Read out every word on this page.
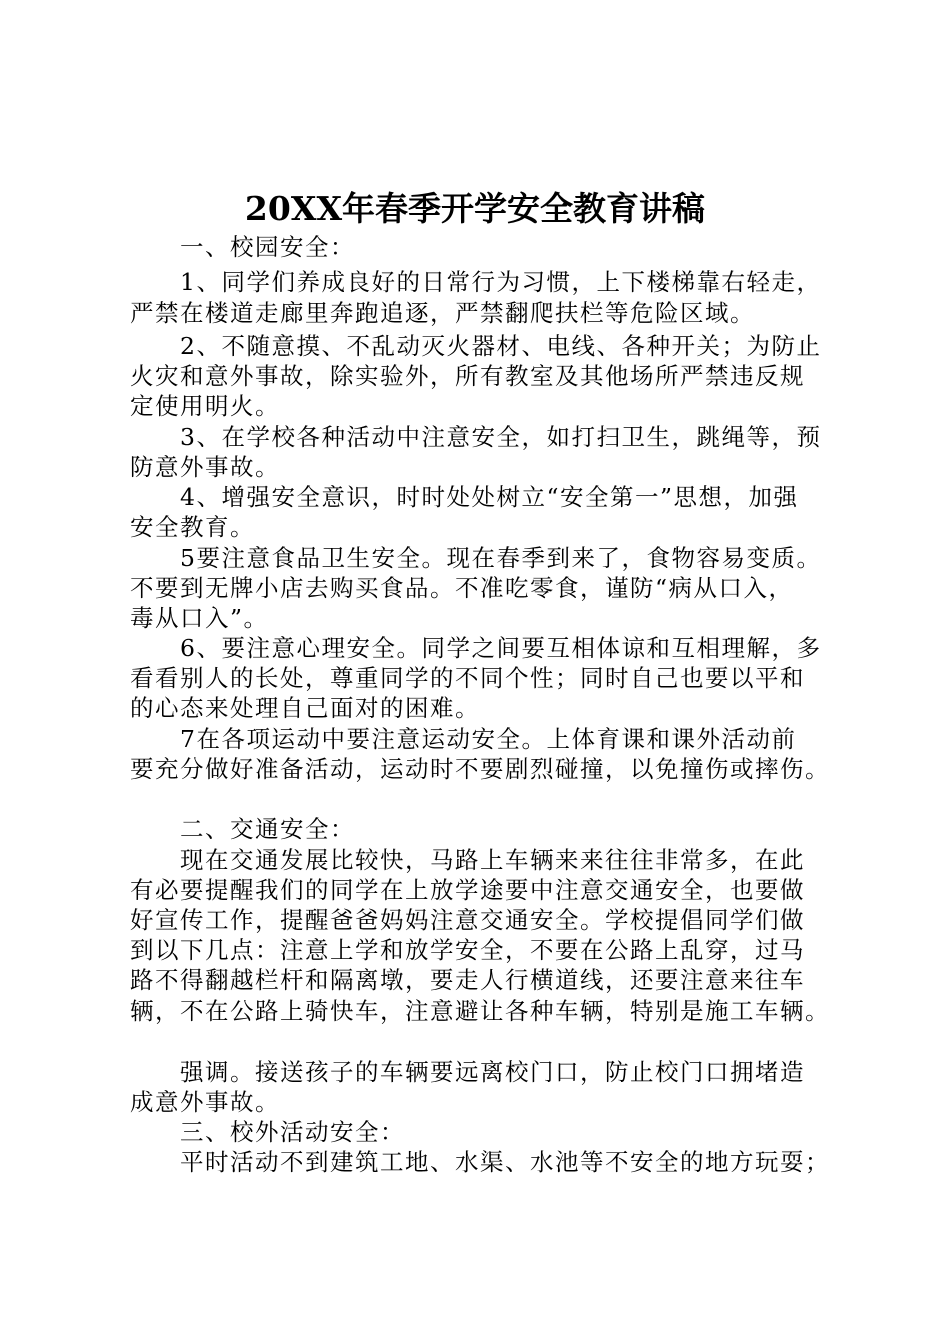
20XX年春季开学安全教育讲稿
一、校园安全：
1、同学们养成良好的日常行为习惯，上下楼梯靠右轻走，
严禁在楼道走廊里奔跑追逐，严禁翻爬扶栏等危险区域。
2、不随意摸、不乱动灭火器材、电线、各种开关；为防止
火灾和意外事故，除实验外，所有教室及其他场所严禁违反规
定使用明火。
3、在学校各种活动中注意安全，如打扫卫生，跳绳等，预
防意外事故。
4、增强安全意识，时时处处树立“安全第一”思想，加强
安全教育。
5要注意食品卫生安全。现在春季到来了，食物容易变质。
不要到无牌小店去购买食品。不准吃零食，谨防“病从口入，
毒从口入”。
6、要注意心理安全。同学之间要互相体谅和互相理解，多
看看别人的长处，尊重同学的不同个性；同时自己也要以平和
的心态来处理自己面对的困难。
7在各项运动中要注意运动安全。上体育课和课外活动前
要充分做好准备活动，运动时不要剧烈碰撞，以免撞伤或摔伤。
二、交通安全：
现在交通发展比较快，马路上车辆来来往往非常多，在此
有必要提醒我们的同学在上放学途要中注意交通安全，也要做
好宣传工作，提醒爸爸妈妈注意交通安全。学校提倡同学们做
到以下几点：注意上学和放学安全，不要在公路上乱穿，过马
路不得翻越栏杆和隔离墩，要走人行横道线，还要注意来往车
辆，不在公路上骑快车，注意避让各种车辆，特别是施工车辆。
强调。接送孩子的车辆要远离校门口，防止校门口拥堵造
成意外事故。
三、校外活动安全：
平时活动不到建筑工地、水渠、水池等不安全的地方玩耍；
